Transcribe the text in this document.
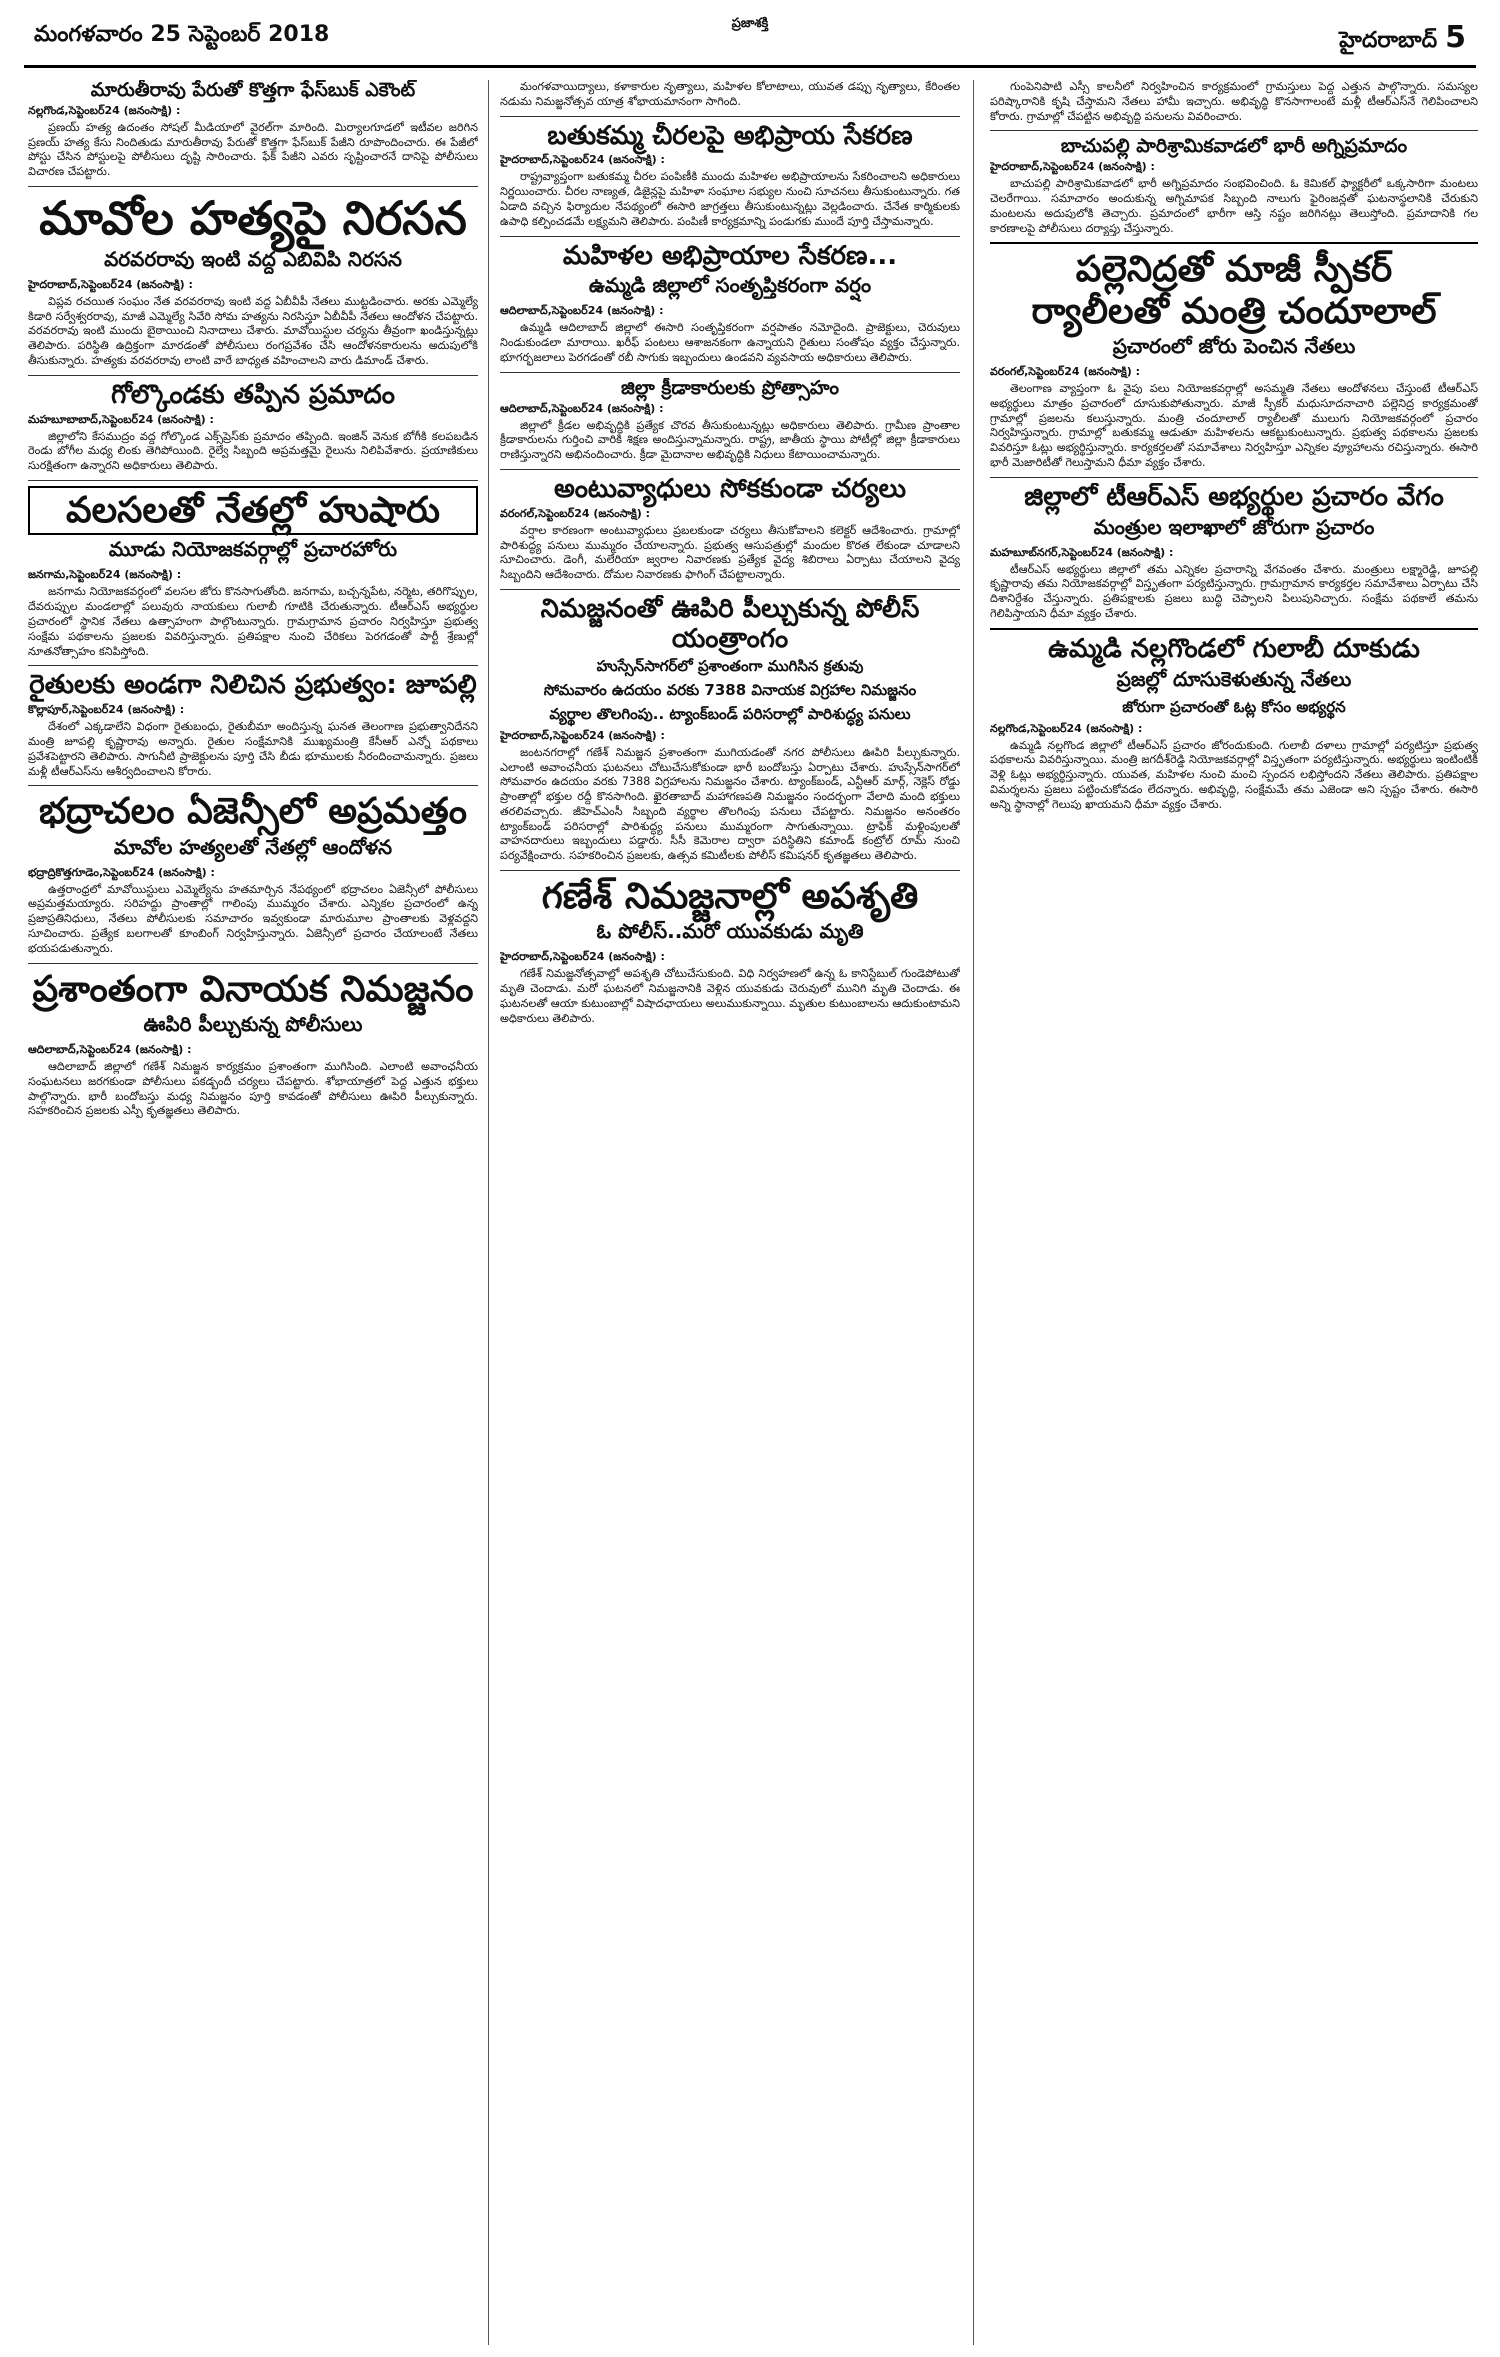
మంగళవారం 25 సెప్టెంబర్ 2018	ప్రజాశక్తి
హైదరాబాద్ 5
మారుతీరావు పేరుతో కొత్తగా ఫేస్‌బుక్ ఎకౌంట్
నల్లగొండ,సెప్టెంబర్24 (జనంసాక్షి) :
ప్రణయ్ హత్య ఉదంతం సోషల్ మీడియాలో వైరల్‌గా మారింది. మిర్యాలగూడలో ఇటీవల జరిగిన ప్రణయ్ హత్య కేసు నిందితుడు మారుతీరావు పేరుతో కొత్తగా ఫేస్‌బుక్ పేజీని రూపొందించారు. ఈ పేజీలో పోస్టు చేసిన పోస్టులపై పోలీసులు దృష్టి సారించారు. ఫేక్ పేజీని ఎవరు సృష్టించారనే దానిపై పోలీసులు విచారణ చేపట్టారు.
మావోల హత్యపై నిరసన
వరవరరావు ఇంటి వద్ద ఎబివిపి నిరసన
హైదరాబాద్,సెప్టెంబర్24 (జనంసాక్షి) :
విప్లవ రచయిత సంఘం నేత వరవరరావు ఇంటి వద్ద ఏబీవీపీ నేతలు ముట్టడించారు. అరకు ఎమ్మెల్యే కిడారి సర్వేశ్వరరావు, మాజీ ఎమ్మెల్యే సివేరి సోమ హత్యను నిరసిస్తూ ఏబీవీపీ నేతలు ఆందోళన చేపట్టారు. వరవరరావు ఇంటి ముందు బైఠాయించి నినాదాలు చేశారు. మావోయిస్టుల చర్యను తీవ్రంగా ఖండిస్తున్నట్లు తెలిపారు. పరిస్థితి ఉద్రిక్తంగా మారడంతో పోలీసులు రంగప్రవేశం చేసి ఆందోళనకారులను అదుపులోకి తీసుకున్నారు. హత్యకు వరవరరావు లాంటి వారే బాధ్యత వహించాలని వారు డిమాండ్ చేశారు.
గోల్కొండకు తప్పిన ప్రమాదం
మహబూబాబాద్,సెప్టెంబర్24 (జనంసాక్షి) :
జిల్లాలోని కేసముద్రం వద్ద గోల్కొండ ఎక్స్‌ప్రెస్‌కు ప్రమాదం తప్పింది. ఇంజిన్ వెనుక బోగీకి కలపబడిన రెండు బోగీల మధ్య లింకు తెగిపోయింది. రైల్వే సిబ్బంది అప్రమత్తమై రైలును నిలిపివేశారు. ప్రయాణికులు సురక్షితంగా ఉన్నారని అధికారులు తెలిపారు.
వలసలతో నేతల్లో హుషారు
మూడు నియోజకవర్గాల్లో ప్రచారహోరు
జనగామ,సెప్టెంబర్24 (జనంసాక్షి) :
జనగామ నియోజకవర్గంలో వలసల జోరు కొనసాగుతోంది. జనగామ, బచ్చన్నపేట, నర్మెట, తరిగొప్పుల, దేవరుప్పుల మండలాల్లో పలువురు నాయకులు గులాబీ గూటికి చేరుతున్నారు. టీఆర్‌ఎస్ అభ్యర్థుల ప్రచారంలో స్థానిక నేతలు ఉత్సాహంగా పాల్గొంటున్నారు. గ్రామగ్రామాన ప్రచారం నిర్వహిస్తూ ప్రభుత్వ సంక్షేమ పథకాలను ప్రజలకు వివరిస్తున్నారు. ప్రతిపక్షాల నుంచి చేరికలు పెరగడంతో పార్టీ శ్రేణుల్లో నూతనోత్సాహం కనిపిస్తోంది.
రైతులకు అండగా నిలిచిన ప్రభుత్వం: జూపల్లి
కొల్లాపూర్,సెప్టెంబర్24 (జనంసాక్షి) :
దేశంలో ఎక్కడాలేని విధంగా రైతుబంధు, రైతుబీమా అందిస్తున్న ఘనత తెలంగాణ ప్రభుత్వానిదేనని మంత్రి జూపల్లి కృష్ణారావు అన్నారు. రైతుల సంక్షేమానికి ముఖ్యమంత్రి కేసీఆర్ ఎన్నో పథకాలు ప్రవేశపెట్టారని తెలిపారు. సాగునీటి ప్రాజెక్టులను పూర్తి చేసి బీడు భూములకు నీరందించామన్నారు. ప్రజలు మళ్లీ టీఆర్‌ఎస్‌ను ఆశీర్వదించాలని కోరారు.
భద్రాచలం ఏజెన్సీలో అప్రమత్తం
మావోల హత్యలతో నేతల్లో ఆందోళన
భద్రాద్రికొత్తగూడెం,సెప్టెంబర్24 (జనంసాక్షి) :
ఉత్తరాంధ్రలో మావోయిస్టులు ఎమ్మెల్యేను హతమార్చిన నేపథ్యంలో భద్రాచలం ఏజెన్సీలో పోలీసులు అప్రమత్తమయ్యారు. సరిహద్దు ప్రాంతాల్లో గాలింపు ముమ్మరం చేశారు. ఎన్నికల ప్రచారంలో ఉన్న ప్రజాప్రతినిధులు, నేతలు పోలీసులకు సమాచారం ఇవ్వకుండా మారుమూల ప్రాంతాలకు వెళ్లవద్దని సూచించారు. ప్రత్యేక బలగాలతో కూంబింగ్ నిర్వహిస్తున్నారు. ఏజెన్సీలో ప్రచారం చేయాలంటే నేతలు భయపడుతున్నారు.
ప్రశాంతంగా వినాయక నిమజ్జనం
ఊపిరి పీల్చుకున్న పోలీసులు
ఆదిలాబాద్,సెప్టెంబర్24 (జనంసాక్షి) :
ఆదిలాబాద్ జిల్లాలో గణేశ్ నిమజ్జన కార్యక్రమం ప్రశాంతంగా ముగిసింది. ఎలాంటి అవాంఛనీయ సంఘటనలు జరగకుండా పోలీసులు పకడ్బందీ చర్యలు చేపట్టారు. శోభాయాత్రలో పెద్ద ఎత్తున భక్తులు పాల్గొన్నారు. భారీ బందోబస్తు మధ్య నిమజ్జనం పూర్తి కావడంతో పోలీసులు ఊపిరి పీల్చుకున్నారు. సహకరించిన ప్రజలకు ఎస్పీ కృతజ్ఞతలు తెలిపారు.
మంగళవాయిద్యాలు, కళాకారుల నృత్యాలు, మహిళల కోలాటాలు, యువత డప్పు నృత్యాలు, కేరింతల నడుమ నిమజ్జనోత్సవ యాత్ర శోభాయమానంగా సాగింది.
బతుకమ్మ చీరలపై అభిప్రాయ సేకరణ
హైదరాబాద్,సెప్టెంబర్24 (జనంసాక్షి) :
రాష్ట్రవ్యాప్తంగా బతుకమ్మ చీరల పంపిణీకి ముందు మహిళల అభిప్రాయాలను సేకరించాలని అధికారులు నిర్ణయించారు. చీరల నాణ్యత, డిజైన్లపై మహిళా సంఘాల సభ్యుల నుంచి సూచనలు తీసుకుంటున్నారు. గత ఏడాది వచ్చిన ఫిర్యాదుల నేపథ్యంలో ఈసారి జాగ్రత్తలు తీసుకుంటున్నట్లు వెల్లడించారు. చేనేత కార్మికులకు ఉపాధి కల్పించడమే లక్ష్యమని తెలిపారు. పంపిణీ కార్యక్రమాన్ని పండుగకు ముందే పూర్తి చేస్తామన్నారు.
మహిళల అభిప్రాయాల సేకరణ...
ఉమ్మడి జిల్లాలో సంతృప్తికరంగా వర్షం
ఆదిలాబాద్,సెప్టెంబర్24 (జనంసాక్షి) :
ఉమ్మడి ఆదిలాబాద్ జిల్లాలో ఈసారి సంతృప్తికరంగా వర్షపాతం నమోదైంది. ప్రాజెక్టులు, చెరువులు నిండుకుండలా మారాయి. ఖరీఫ్ పంటలు ఆశాజనకంగా ఉన్నాయని రైతులు సంతోషం వ్యక్తం చేస్తున్నారు. భూగర్భజలాలు పెరగడంతో రబీ సాగుకు ఇబ్బందులు ఉండవని వ్యవసాయ అధికారులు తెలిపారు.
జిల్లా క్రీడాకారులకు ప్రోత్సాహం
ఆదిలాబాద్,సెప్టెంబర్24 (జనంసాక్షి) :
జిల్లాలో క్రీడల అభివృద్ధికి ప్రత్యేక చొరవ తీసుకుంటున్నట్లు అధికారులు తెలిపారు. గ్రామీణ ప్రాంతాల క్రీడాకారులను గుర్తించి వారికి శిక్షణ అందిస్తున్నామన్నారు. రాష్ట్ర, జాతీయ స్థాయి పోటీల్లో జిల్లా క్రీడాకారులు రాణిస్తున్నారని అభినందించారు. క్రీడా మైదానాల అభివృద్ధికి నిధులు కేటాయించామన్నారు.
అంటువ్యాధులు సోకకుండా చర్యలు
వరంగల్,సెప్టెంబర్24 (జనంసాక్షి) :
వర్షాల కారణంగా అంటువ్యాధులు ప్రబలకుండా చర్యలు తీసుకోవాలని కలెక్టర్ ఆదేశించారు. గ్రామాల్లో పారిశుద్ధ్య పనులు ముమ్మరం చేయాలన్నారు. ప్రభుత్వ ఆసుపత్రుల్లో మందుల కొరత లేకుండా చూడాలని సూచించారు. డెంగీ, మలేరియా జ్వరాల నివారణకు ప్రత్యేక వైద్య శిబిరాలు ఏర్పాటు చేయాలని వైద్య సిబ్బందిని ఆదేశించారు. దోమల నివారణకు ఫాగింగ్ చేపట్టాలన్నారు.
నిమజ్జనంతో ఊపిరి పీల్చుకున్న పోలీస్ యంత్రాంగం
హుస్సేన్‌సాగర్‌లో ప్రశాంతంగా ముగిసిన క్రతువు
సోమవారం ఉదయం వరకు 7388 వినాయక విగ్రహాల నిమజ్జనం
వ్యర్థాల తొలగింపు.. ట్యాంక్‌బండ్ పరిసరాల్లో పారిశుద్ధ్య పనులు
హైదరాబాద్,సెప్టెంబర్24 (జనంసాక్షి) :
జంటనగరాల్లో గణేశ్ నిమజ్జన ప్రశాంతంగా ముగియడంతో నగర పోలీసులు ఊపిరి పీల్చుకున్నారు. ఎలాంటి అవాంఛనీయ ఘటనలు చోటుచేసుకోకుండా భారీ బందోబస్తు ఏర్పాటు చేశారు. హుస్సేన్‌సాగర్‌లో సోమవారం ఉదయం వరకు 7388 విగ్రహాలను నిమజ్జనం చేశారు. ట్యాంక్‌బండ్, ఎన్టీఆర్ మార్గ్, నెక్లెస్ రోడ్డు ప్రాంతాల్లో భక్తుల రద్దీ కొనసాగింది. ఖైరతాబాద్ మహాగణపతి నిమజ్జనం సందర్భంగా వేలాది మంది భక్తులు తరలివచ్చారు. జీహెచ్‌ఎంసీ సిబ్బంది వ్యర్థాల తొలగింపు పనులు చేపట్టారు. నిమజ్జనం అనంతరం ట్యాంక్‌బండ్ పరిసరాల్లో పారిశుద్ధ్య పనులు ముమ్మరంగా సాగుతున్నాయి. ట్రాఫిక్ మళ్లింపులతో వాహనదారులు ఇబ్బందులు పడ్డారు. సీసీ కెమెరాల ద్వారా పరిస్థితిని కమాండ్ కంట్రోల్ రూమ్ నుంచి పర్యవేక్షించారు. సహకరించిన ప్రజలకు, ఉత్సవ కమిటీలకు పోలీస్ కమిషనర్ కృతజ్ఞతలు తెలిపారు.
గణేశ్ నిమజ్జనాల్లో అపశృతి
ఓ పోలీస్..మరో యువకుడు మృతి
హైదరాబాద్,సెప్టెంబర్24 (జనంసాక్షి) :
గణేశ్ నిమజ్జనోత్సవాల్లో అపశృతి చోటుచేసుకుంది. విధి నిర్వహణలో ఉన్న ఓ కానిస్టేబుల్ గుండెపోటుతో మృతి చెందాడు. మరో ఘటనలో నిమజ్జనానికి వెళ్లిన యువకుడు చెరువులో మునిగి మృతి చెందాడు. ఈ ఘటనలతో ఆయా కుటుంబాల్లో విషాదఛాయలు అలుముకున్నాయి. మృతుల కుటుంబాలను ఆదుకుంటామని అధికారులు తెలిపారు.
గుంపెనిపాటి ఎస్సీ కాలనీలో నిర్వహించిన కార్యక్రమంలో గ్రామస్తులు పెద్ద ఎత్తున పాల్గొన్నారు. సమస్యల పరిష్కారానికి కృషి చేస్తామని నేతలు హామీ ఇచ్చారు. అభివృద్ధి కొనసాగాలంటే మళ్లీ టీఆర్‌ఎస్‌నే గెలిపించాలని కోరారు. గ్రామాల్లో చేపట్టిన అభివృద్ధి పనులను వివరించారు.
బాచుపల్లి పారిశ్రామికవాడలో భారీ అగ్నిప్రమాదం
హైదరాబాద్,సెప్టెంబర్24 (జనంసాక్షి) :
బాచుపల్లి పారిశ్రామికవాడలో భారీ అగ్నిప్రమాదం సంభవించింది. ఓ కెమికల్ ఫ్యాక్టరీలో ఒక్కసారిగా మంటలు చెలరేగాయి. సమాచారం అందుకున్న అగ్నిమాపక సిబ్బంది నాలుగు ఫైరింజన్లతో ఘటనాస్థలానికి చేరుకుని మంటలను అదుపులోకి తెచ్చారు. ప్రమాదంలో భారీగా ఆస్తి నష్టం జరిగినట్లు తెలుస్తోంది. ప్రమాదానికి గల కారణాలపై పోలీసులు దర్యాప్తు చేస్తున్నారు.
పల్లెనిద్రతో మాజీ స్పీకర్
ర్యాలీలతో మంత్రి చందూలాల్
ప్రచారంలో జోరు పెంచిన నేతలు
వరంగల్,సెప్టెంబర్24 (జనంసాక్షి) :
తెలంగాణ వ్యాప్తంగా ఓ వైపు పలు నియోజకవర్గాల్లో అసమ్మతి నేతలు ఆందోళనలు చేస్తుంటే టీఆర్‌ఎస్ అభ్యర్థులు మాత్రం ప్రచారంలో దూసుకుపోతున్నారు. మాజీ స్పీకర్ మధుసూదనాచారి పల్లెనిద్ర కార్యక్రమంతో గ్రామాల్లో ప్రజలను కలుస్తున్నారు. మంత్రి చందూలాల్ ర్యాలీలతో ములుగు నియోజకవర్గంలో ప్రచారం నిర్వహిస్తున్నారు. గ్రామాల్లో బతుకమ్మ ఆడుతూ మహిళలను ఆకట్టుకుంటున్నారు. ప్రభుత్వ పథకాలను ప్రజలకు వివరిస్తూ ఓట్లు అభ్యర్థిస్తున్నారు. కార్యకర్తలతో సమావేశాలు నిర్వహిస్తూ ఎన్నికల వ్యూహాలను రచిస్తున్నారు. ఈసారి భారీ మెజారిటీతో గెలుస్తామని ధీమా వ్యక్తం చేశారు.
జిల్లాలో టీఆర్‌ఎస్ అభ్యర్థుల ప్రచారం వేగం
మంత్రుల ఇలాఖాలో జోరుగా ప్రచారం
మహబూబ్‌నగర్,సెప్టెంబర్24 (జనంసాక్షి) :
టీఆర్‌ఎస్ అభ్యర్థులు జిల్లాలో తమ ఎన్నికల ప్రచారాన్ని వేగవంతం చేశారు. మంత్రులు లక్ష్మారెడ్డి, జూపల్లి కృష్ణారావు తమ నియోజకవర్గాల్లో విస్తృతంగా పర్యటిస్తున్నారు. గ్రామగ్రామాన కార్యకర్తల సమావేశాలు ఏర్పాటు చేసి దిశానిర్దేశం చేస్తున్నారు. ప్రతిపక్షాలకు ప్రజలు బుద్ధి చెప్పాలని పిలుపునిచ్చారు. సంక్షేమ పథకాలే తమను గెలిపిస్తాయని ధీమా వ్యక్తం చేశారు.
ఉమ్మడి నల్లగొండలో గులాబీ దూకుడు
ప్రజల్లో దూసుకెళుతున్న నేతలు
జోరుగా ప్రచారంతో ఓట్ల కోసం అభ్యర్థన
నల్లగొండ,సెప్టెంబర్24 (జనంసాక్షి) :
ఉమ్మడి నల్లగొండ జిల్లాలో టీఆర్‌ఎస్ ప్రచారం జోరందుకుంది. గులాబీ దళాలు గ్రామాల్లో పర్యటిస్తూ ప్రభుత్వ పథకాలను వివరిస్తున్నాయి. మంత్రి జగదీశ్‌రెడ్డి నియోజకవర్గాల్లో విస్తృతంగా పర్యటిస్తున్నారు. అభ్యర్థులు ఇంటింటికీ వెళ్లి ఓట్లు అభ్యర్థిస్తున్నారు. యువత, మహిళల నుంచి మంచి స్పందన లభిస్తోందని నేతలు తెలిపారు. ప్రతిపక్షాల విమర్శలను ప్రజలు పట్టించుకోవడం లేదన్నారు. అభివృద్ధి, సంక్షేమమే తమ ఎజెండా అని స్పష్టం చేశారు. ఈసారి అన్ని స్థానాల్లో గెలుపు ఖాయమని ధీమా వ్యక్తం చేశారు.
